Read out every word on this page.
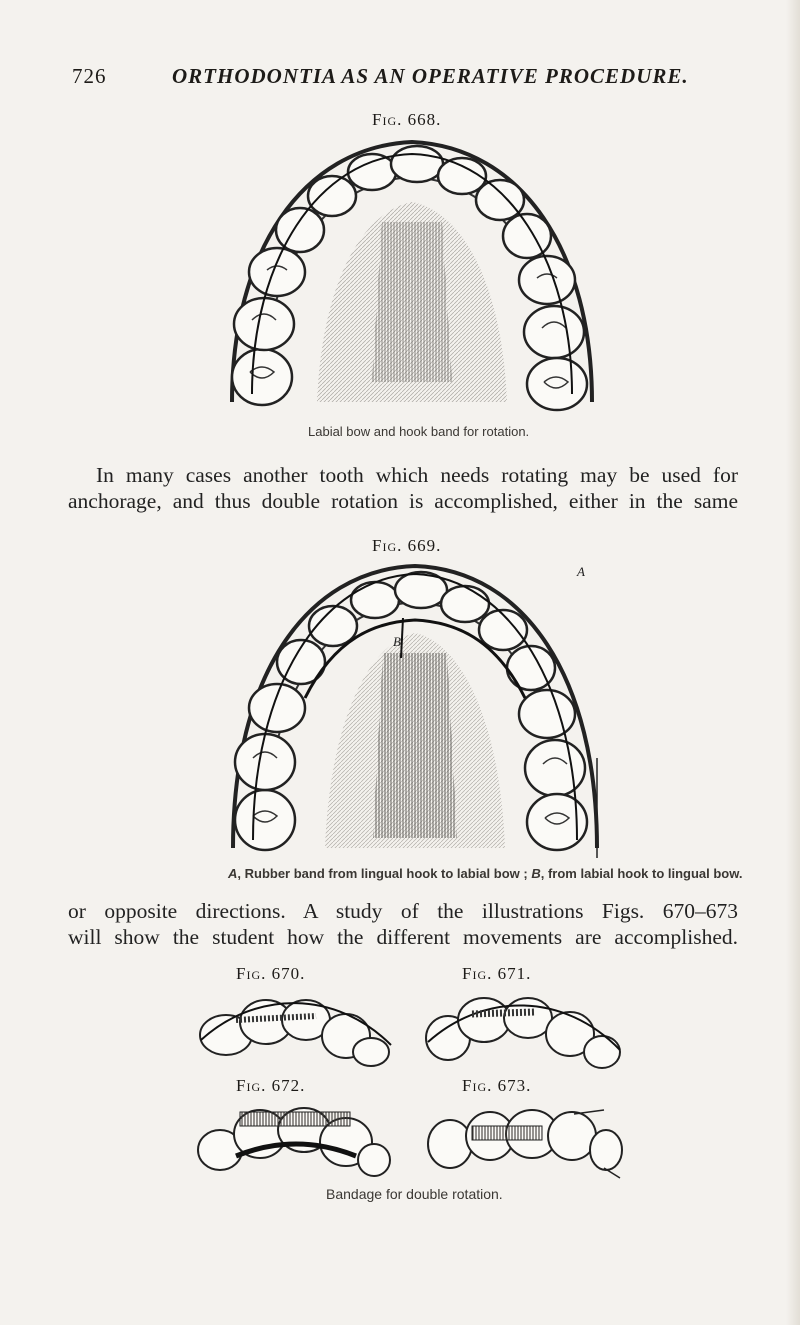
726	ORTHODONTIA AS AN OPERATIVE PROCEDURE.
Fig. 668.
Labial bow and hook band for rotation.

In many cases another tooth which needs rotating may be used for

anchorage, and thus double rotation is accomplished, either in the same

Fig. 669.
A
B
A, Rubber band from lingual hook to labial bow ; B, from labial hook to lingual bow.

or opposite directions. A study of the illustrations Figs. 670–673

will show the student how the different movements are accomplished.

Fig. 670.	Fig. 671.
Fig. 672.	Fig. 673.
Bandage for double rotation.
